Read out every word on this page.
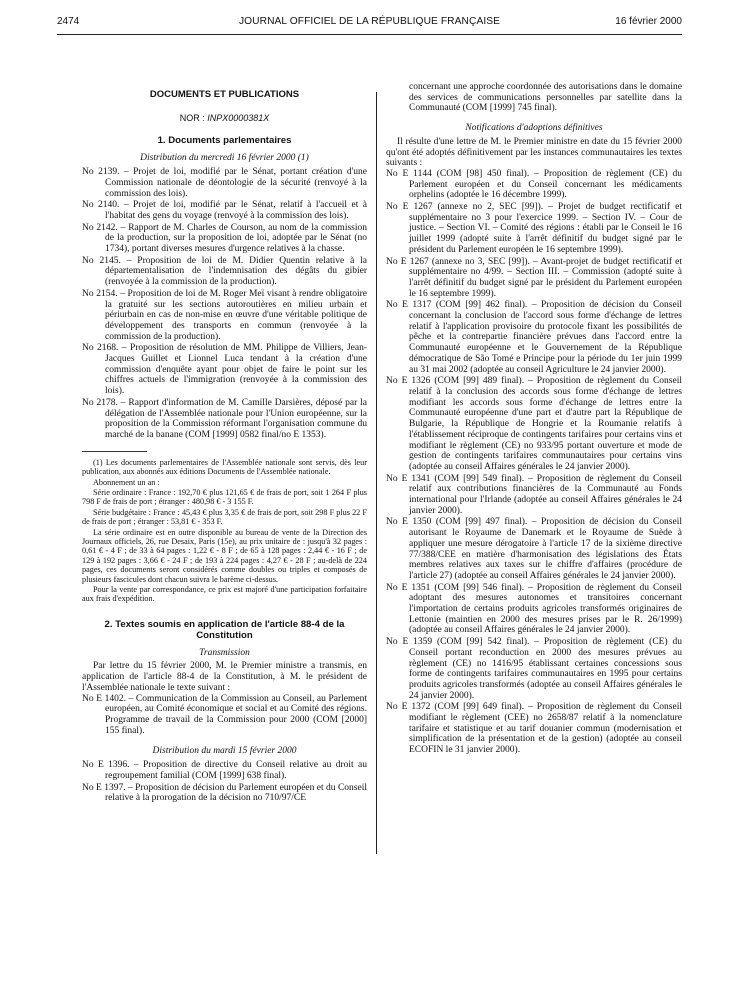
2474	JOURNAL OFFICIEL DE LA RÉPUBLIQUE FRANÇAISE	16 février 2000
DOCUMENTS ET PUBLICATIONS
NOR : INPX0000381X
1. Documents parlementaires
Distribution du mercredi 16 février 2000 (1)

No 2139. – Projet de loi, modifié par le Sénat, portant création d'une Commission nationale de déontologie de la sécurité (renvoyé à la commission des lois).

No 2140. – Projet de loi, modifié par le Sénat, relatif à l'accueil et à l'habitat des gens du voyage (renvoyé à la commission des lois).

No 2142. – Rapport de M. Charles de Courson, au nom de la commission de la production, sur la proposition de loi, adoptée par le Sénat (no 1734), portant diverses mesures d'urgence relatives à la chasse.

No 2145. – Proposition de loi de M. Didier Quentin relative à la départementalisation de l'indemnisation des dégâts du gibier (renvoyée à la commission de la production).

No 2154. – Proposition de loi de M. Roger Meï visant à rendre obligatoire la gratuité sur les sections autoroutières en milieu urbain et périurbain en cas de non-mise en œuvre d'une véritable politique de développement des transports en commun (renvoyée à la commission de la production).

No 2168. – Proposition de résolution de MM. Philippe de Villiers, Jean-Jacques Guillet et Lionnel Luca tendant à la création d'une commission d'enquête ayant pour objet de faire le point sur les chiffres actuels de l'immigration (renvoyée à la commission des lois).

No 2178. – Rapport d'information de M. Camille Darsières, déposé par la délégation de l'Assemblée nationale pour l'Union européenne, sur la proposition de la Commission réformant l'organisation commune du marché de la banane (COM [1999] 0582 final/no E 1353).

(1) Les documents parlementaires de l'Assemblée nationale sont servis, dès leur publication, aux abonnés aux éditions Documents de l'Assemblée nationale.

Abonnement un an :

Série ordinaire : France : 192,70 € plus 121,65 € de frais de port, soit 1 264 F plus 798 F de frais de port ; étranger : 480,98 € - 3 155 F.

Série budgétaire : France : 45,43 € plus 3,35 € de frais de port, soit 298 F plus 22 F de frais de port ; étranger : 53,81 € - 353 F.

La série ordinaire est en outre disponible au bureau de vente de la Direction des Journaux officiels, 26, rue Desaix, Paris (15e), au prix unitaire de : jusqu'à 32 pages : 0,61 € - 4 F ; de 33 à 64 pages : 1,22 € - 8 F ; de 65 à 128 pages : 2,44 € - 16 F ; de 129 à 192 pages : 3,66 € - 24 F ; de 193 à 224 pages : 4,27 € - 28 F ; au-delà de 224 pages, ces documents seront considérés comme doubles ou triples et composés de plusieurs fascicules dont chacun suivra le barème ci-dessus.

Pour la vente par correspondance, ce prix est majoré d'une participation forfaitaire aux frais d'expédition.

2. Textes soumis en application de l'article 88-4 de la Constitution
Transmission

Par lettre du 15 février 2000, M. le Premier ministre a transmis, en application de l'article 88-4 de la Constitution, à M. le président de l'Assemblée nationale le texte suivant :

No E 1402. – Communication de la Commission au Conseil, au Parlement européen, au Comité économique et social et au Comité des régions. Programme de travail de la Commission pour 2000 (COM [2000] 155 final).

Distribution du mardi 15 février 2000

No E 1396. – Proposition de directive du Conseil relative au droit au regroupement familial (COM [1999] 638 final).

No E 1397. – Proposition de décision du Parlement européen et du Conseil relative à la prorogation de la décision no 710/97/CE

concernant une approche coordonnée des autorisations dans le domaine des services de communications personnelles par satellite dans la Communauté (COM [1999] 745 final).

Notifications d'adoptions définitives

Il résulte d'une lettre de M. le Premier ministre en date du 15 février 2000 qu'ont été adoptés définitivement par les instances communautaires les textes suivants :

No E 1144 (COM [98] 450 final). – Proposition de règlement (CE) du Parlement européen et du Conseil concernant les médicaments orphelins (adoptée le 16 décembre 1999).

No E 1267 (annexe no 2, SEC [99]). – Projet de budget rectificatif et supplémentaire no 3 pour l'exercice 1999. – Section IV. – Cour de justice. – Section VI. – Comité des régions : établi par le Conseil le 16 juillet 1999 (adopté suite à l'arrêt définitif du budget signé par le président du Parlement européen le 16 septembre 1999).

No E 1267 (annexe no 3, SEC [99]). – Avant-projet de budget rectificatif et supplémentaire no 4/99. – Section III. – Commission (adopté suite à l'arrêt définitif du budget signé par le président du Parlement européen le 16 septembre 1999).

No E 1317 (COM [99] 462 final). – Proposition de décision du Conseil concernant la conclusion de l'accord sous forme d'échange de lettres relatif à l'application provisoire du protocole fixant les possibilités de pêche et la contrepartie financière prévues dans l'accord entre la Communauté européenne et le Gouvernement de la République démocratique de São Tomé e Principe pour la période du 1er juin 1999 au 31 mai 2002 (adoptée au conseil Agriculture le 24 janvier 2000).

No E 1326 (COM [99] 489 final). – Proposition de règlement du Conseil relatif à la conclusion des accords sous forme d'échange de lettres modifiant les accords sous forme d'échange de lettres entre la Communauté européenne d'une part et d'autre part la République de Bulgarie, la République de Hongrie et la Roumanie relatifs à l'établissement réciproque de contingents tarifaires pour certains vins et modifiant le règlement (CE) no 933/95 portant ouverture et mode de gestion de contingents tarifaires communautaires pour certains vins (adoptée au conseil Affaires générales le 24 janvier 2000).

No E 1341 (COM [99] 549 final). – Proposition de règlement du Conseil relatif aux contributions financières de la Communauté au Fonds international pour l'Irlande (adoptée au conseil Affaires générales le 24 janvier 2000).

No E 1350 (COM [99] 497 final). – Proposition de décision du Conseil autorisant le Royaume de Danemark et le Royaume de Suède à appliquer une mesure dérogatoire à l'article 17 de la sixième directive 77/388/CEE en matière d'harmonisation des législations des États membres relatives aux taxes sur le chiffre d'affaires (procédure de l'article 27) (adoptée au conseil Affaires générales le 24 janvier 2000).

No E 1351 (COM [99] 546 final). – Proposition de règlement du Conseil adoptant des mesures autonomes et transitoires concernant l'importation de certains produits agricoles transformés originaires de Lettonie (maintien en 2000 des mesures prises par le R. 26/1999) (adoptée au conseil Affaires générales le 24 janvier 2000).

No E 1359 (COM [99] 542 final). – Proposition de règlement (CE) du Conseil portant reconduction en 2000 des mesures prévues au règlement (CE) no 1416/95 établissant certaines concessions sous forme de contingents tarifaires communautaires en 1995 pour certains produits agricoles transformés (adoptée au conseil Affaires générales le 24 janvier 2000).

No E 1372 (COM [99] 649 final). – Proposition de règlement du Conseil modifiant le règlement (CEE) no 2658/87 relatif à la nomenclature tarifaire et statistique et au tarif douanier commun (modernisation et simplification de la présentation et de la gestion) (adoptée au conseil ECOFIN le 31 janvier 2000).
